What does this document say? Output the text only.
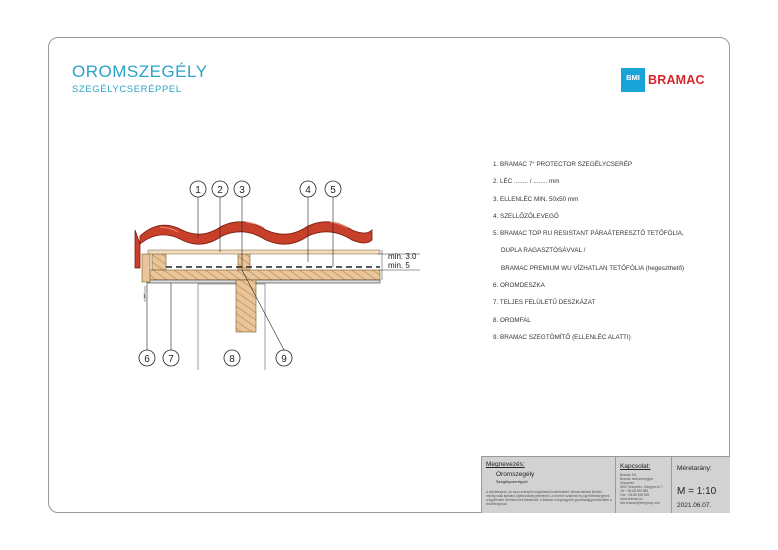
OROMSZEGÉLY
SZEGÉLYCSERÉPPEL
BMI BRAMAC
1. BRAMAC 7° PROTECTOR SZEGÉLYCSERÉP
2. LÉC ........ / ........ mm
3. ELLENLÉC MIN. 50x50 mm
4. SZELLŐZŐLEVEGŐ
5. BRAMAC TOP RU RESISTANT PÁRAÁTERESZTŐ TETŐFÓLIA,
DUPLA RAGASZTÓSÁVVAL /
BRAMAC PREMIUM WU VÍZHATLAN TETŐFÓLIA (hegeszthető)
6. OROMDESZKA
7. TELJES FELÜLETŰ DESZKÁZAT
8. OROMFAL
9. BRAMAC SZEGTÖMÍTŐ (ELLENLÉC ALATTI)
min. 3.0
min. 5
1
1 2 3	4 5
6 7	8	9
Megnevezés:
Oromszegély
Szegélycseréppel
A részletrajzok, az azon szereplő megoldások ismertetését, felhasználását illetően mindig csak ajánlást, tájékoztatást jelentenek, a tervező szakmai és jogi felelősségének a figyelembe vételével kell kialakítani. A Bramac a legnagyobb gondossággal készítette a részletrajzokat.
Kapcsolat:
Bramac Kft.
Bramac tetőcserépgyár
Veszprém
8200 Veszprém, Házgyári út 7.
Tel: +36 88 590 888
Fax: +36 88 590 899
www.bramac.hu
info.bramac@bmigroup.com
Méretarány:
M = 1:10
2021.06.07.
